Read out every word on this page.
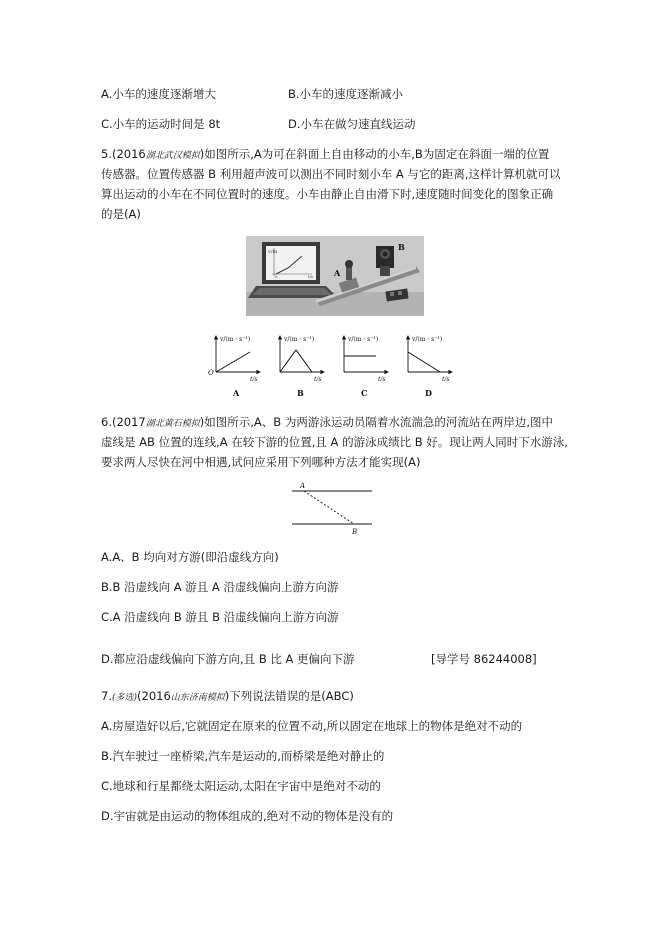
A.小车的速度逐渐增大	B.小车的速度逐渐减小
C.小车的运动时间是 8t	D.小车在做匀速直线运动
5.(2016湖北武汉模拟)如图所示,A为可在斜面上自由移动的小车,B为固定在斜面一端的位置
传感器。位置传感器 B 利用超声波可以测出不同时刻小车 A 与它的距离,这样计算机就可以
算出运动的小车在不同位置时的速度。小车由静止自由滑下时,速度随时间变化的图象正确
的是(A)
v/m
0	t/s	A
B
v/(m · s⁻¹)
O
t/s
A
v/(m · s⁻¹)
t/s
B
v/(m · s⁻¹)
t/s
C
v/(m · s⁻¹)
t/s
D
6.(2017湖北黄石模拟)如图所示,A、B 为两游泳运动员隔着水流湍急的河流站在两岸边,图中
虚线是 AB 位置的连线,A 在较下游的位置,且 A 的游泳成绩比 B 好。现让两人同时下水游泳,
要求两人尽快在河中相遇,试问应采用下列哪种方法才能实现(A)
A
B
A.A、B 均向对方游(即沿虚线方向)
B.B 沿虚线向 A 游且 A 沿虚线偏向上游方向游
C.A 沿虚线向 B 游且 B 沿虚线偏向上游方向游
D.都应沿虚线偏向下游方向,且 B 比 A 更偏向下游	[导学号 86244008]
7.(多选)(2016山东济南模拟)下列说法错误的是(ABC)
A.房屋造好以后,它就固定在原来的位置不动,所以固定在地球上的物体是绝对不动的
B.汽车驶过一座桥梁,汽车是运动的,而桥梁是绝对静止的
C.地球和行星都绕太阳运动,太阳在宇宙中是绝对不动的
D.宇宙就是由运动的物体组成的,绝对不动的物体是没有的
